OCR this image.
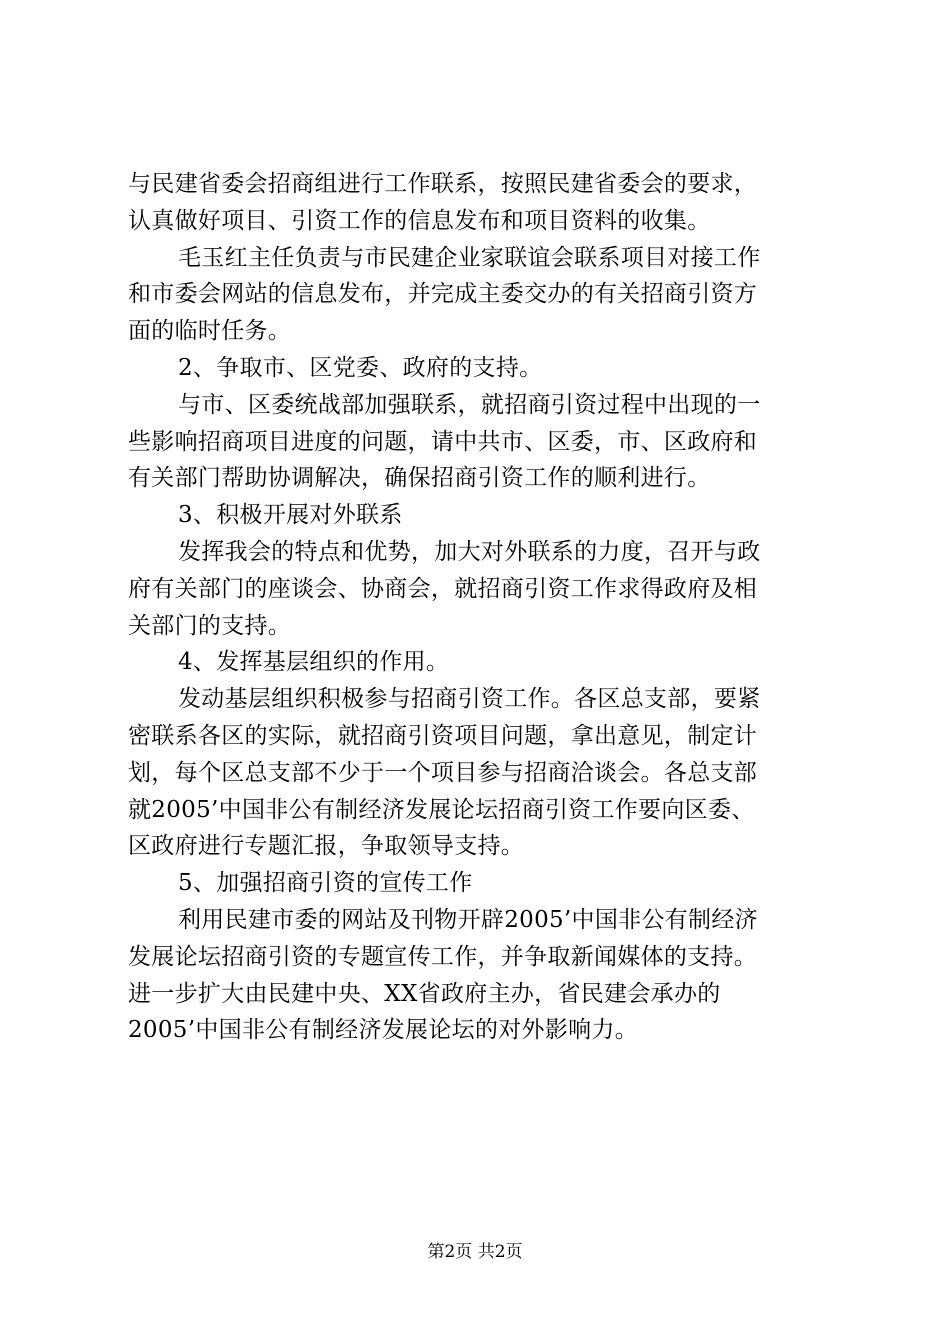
与民建省委会招商组进行工作联系，按照民建省委会的要求，
认真做好项目、引资工作的信息发布和项目资料的收集。
毛玉红主任负责与市民建企业家联谊会联系项目对接工作
和市委会网站的信息发布，并完成主委交办的有关招商引资方
面的临时任务。
2、争取市、区党委、政府的支持。
与市、区委统战部加强联系，就招商引资过程中出现的一
些影响招商项目进度的问题，请中共市、区委，市、区政府和
有关部门帮助协调解决，确保招商引资工作的顺利进行。
3、积极开展对外联系
发挥我会的特点和优势，加大对外联系的力度，召开与政
府有关部门的座谈会、协商会，就招商引资工作求得政府及相
关部门的支持。
4、发挥基层组织的作用。
发动基层组织积极参与招商引资工作。各区总支部，要紧
密联系各区的实际，就招商引资项目问题，拿出意见，制定计
划，每个区总支部不少于一个项目参与招商洽谈会。各总支部
就2005’中国非公有制经济发展论坛招商引资工作要向区委、
区政府进行专题汇报，争取领导支持。
5、加强招商引资的宣传工作
利用民建市委的网站及刊物开辟2005’中国非公有制经济
发展论坛招商引资的专题宣传工作，并争取新闻媒体的支持。
进一步扩大由民建中央、XX省政府主办，省民建会承办的
2005’中国非公有制经济发展论坛的对外影响力。
第2页 共2页
